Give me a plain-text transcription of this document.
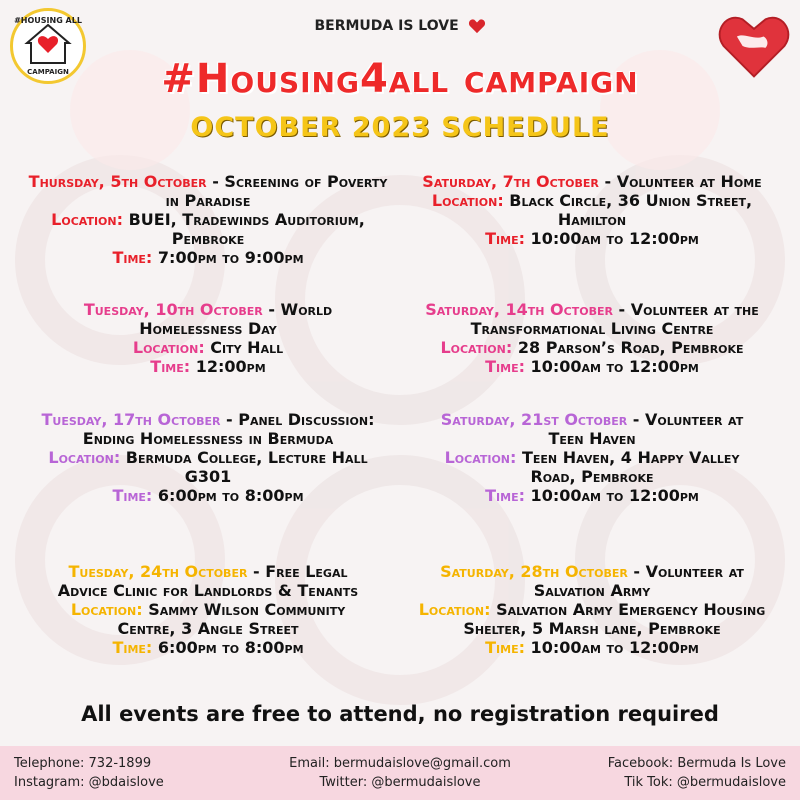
#HOUSING ALL
CAMPAIGN
BERMUDA IS LOVE
#Housing4all campaign
OCTOBER 2023 SCHEDULE
Thursday, 5th October - Screening of Poverty in Paradise
Location: BUEI, Tradewinds Auditorium, Pembroke
Time: 7:00pm to 9:00pm
Tuesday, 10th October - World Homelessness Day
Location: City Hall
Time: 12:00pm
Tuesday, 17th October - Panel Discussion: Ending Homelessness in Bermuda
Location: Bermuda College, Lecture Hall G301
Time: 6:00pm to 8:00pm
Tuesday, 24th October - Free Legal Advice Clinic for Landlords & Tenants
Location: Sammy Wilson Community Centre, 3 Angle Street
Time: 6:00pm to 8:00pm
Saturday, 7th October - Volunteer at Home
Location: Black Circle, 36 Union Street, Hamilton
Time: 10:00am to 12:00pm
Saturday, 14th October - Volunteer at the Transformational Living Centre
Location: 28 Parson’s Road, Pembroke
Time: 10:00am to 12:00pm
Saturday, 21st October - Volunteer at Teen Haven
Location: Teen Haven, 4 Happy Valley Road, Pembroke
Time: 10:00am to 12:00pm
Saturday, 28th October - Volunteer at Salvation Army
Location: Salvation Army Emergency Housing Shelter, 5 Marsh lane, Pembroke
Time: 10:00am to 12:00pm
All events are free to attend, no registration required
Telephone: 732-1899
Instagram: @bdaislove
Email: bermudaislove@gmail.com
Twitter: @bermudaislove
Facebook: Bermuda Is Love
Tik Tok: @bermudaislove
